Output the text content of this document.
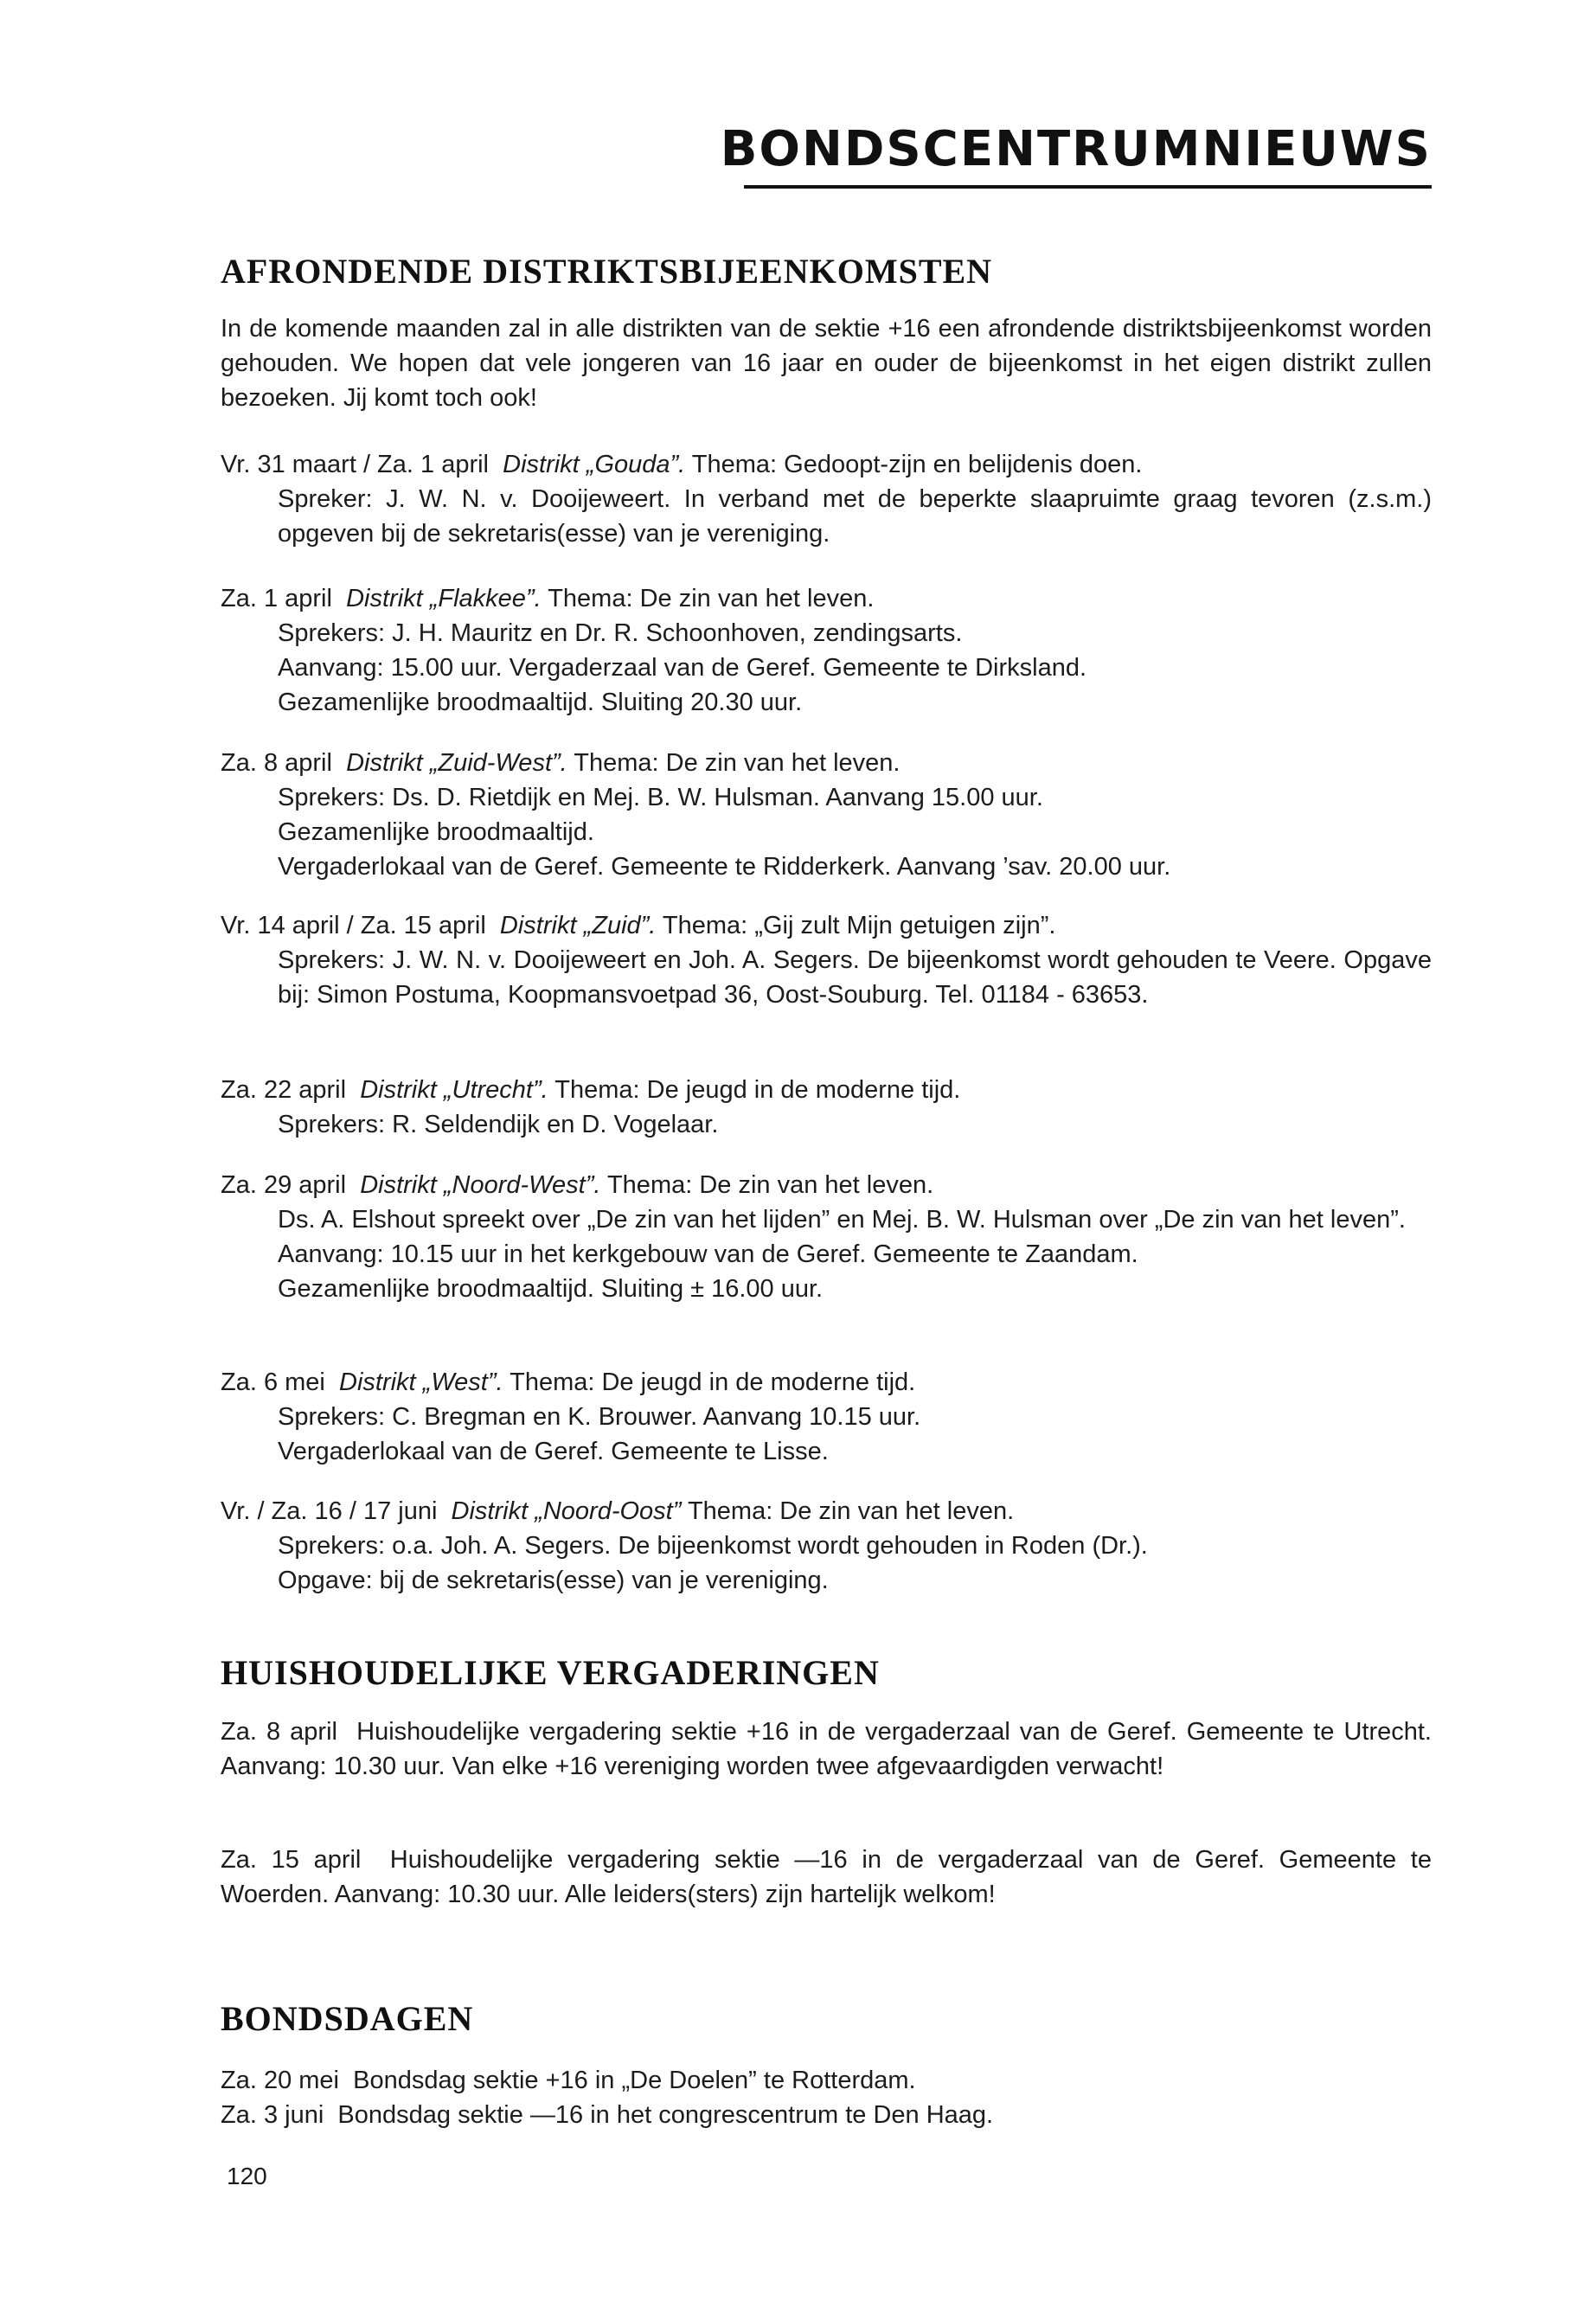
BONDSCENTRUMNIEUWS
AFRONDENDE DISTRIKTSBIJEENKOMSTEN

In de komende maanden zal in alle distrikten van de sektie +16 een afrondende distriktsbijeenkomst worden gehouden. We hopen dat vele jongeren van 16 jaar en ouder de bijeenkomst in het eigen distrikt zullen bezoeken. Jij komt toch ook!

Vr. 31 maart / Za. 1 april Distrikt „Gouda”. Thema: Gedoopt-zijn en belijdenis doen.

Spreker: J. W. N. v. Dooijeweert. In verband met de beperkte slaapruimte graag tevoren (z.s.m.) opgeven bij de sekretaris(esse) van je vereniging.

Za. 1 april Distrikt „Flakkee”. Thema: De zin van het leven.

Sprekers: J. H. Mauritz en Dr. R. Schoonhoven, zendingsarts.

Aanvang: 15.00 uur. Vergaderzaal van de Geref. Gemeente te Dirksland.

Gezamenlijke broodmaaltijd. Sluiting 20.30 uur.

Za. 8 april Distrikt „Zuid-West”. Thema: De zin van het leven.

Sprekers: Ds. D. Rietdijk en Mej. B. W. Hulsman. Aanvang 15.00 uur.

Gezamenlijke broodmaaltijd.

Vergaderlokaal van de Geref. Gemeente te Ridderkerk. Aanvang ’sav. 20.00 uur.

Vr. 14 april / Za. 15 april Distrikt „Zuid”. Thema: „Gij zult Mijn getuigen zijn”.

Sprekers: J. W. N. v. Dooijeweert en Joh. A. Segers. De bijeenkomst wordt gehouden te Veere. Opgave bij: Simon Postuma, Koopmansvoetpad 36, Oost-Souburg. Tel. 01184 - 63653.

Za. 22 april Distrikt „Utrecht”. Thema: De jeugd in de moderne tijd.

Sprekers: R. Seldendijk en D. Vogelaar.

Za. 29 april Distrikt „Noord-West”. Thema: De zin van het leven.

Ds. A. Elshout spreekt over „De zin van het lijden” en Mej. B. W. Hulsman over „De zin van het leven”.

Aanvang: 10.15 uur in het kerkgebouw van de Geref. Gemeente te Zaandam.

Gezamenlijke broodmaaltijd. Sluiting ± 16.00 uur.

Za. 6 mei Distrikt „West”. Thema: De jeugd in de moderne tijd.

Sprekers: C. Bregman en K. Brouwer. Aanvang 10.15 uur.

Vergaderlokaal van de Geref. Gemeente te Lisse.

Vr. / Za. 16 / 17 juni Distrikt „Noord-Oost” Thema: De zin van het leven.

Sprekers: o.a. Joh. A. Segers. De bijeenkomst wordt gehouden in Roden (Dr.).

Opgave: bij de sekretaris(esse) van je vereniging.

HUISHOUDELIJKE VERGADERINGEN

Za. 8 april Huishoudelijke vergadering sektie +16 in de vergaderzaal van de Geref. Gemeente te Utrecht. Aanvang: 10.30 uur. Van elke +16 vereniging worden twee afgevaardigden verwacht!

Za. 15 april Huishoudelijke vergadering sektie —16 in de vergaderzaal van de Geref. Gemeente te Woerden. Aanvang: 10.30 uur. Alle leiders(sters) zijn hartelijk welkom!

BONDSDAGEN

Za. 20 mei Bondsdag sektie +16 in „De Doelen” te Rotterdam.

Za. 3 juni Bondsdag sektie —16 in het congrescentrum te Den Haag.

120
